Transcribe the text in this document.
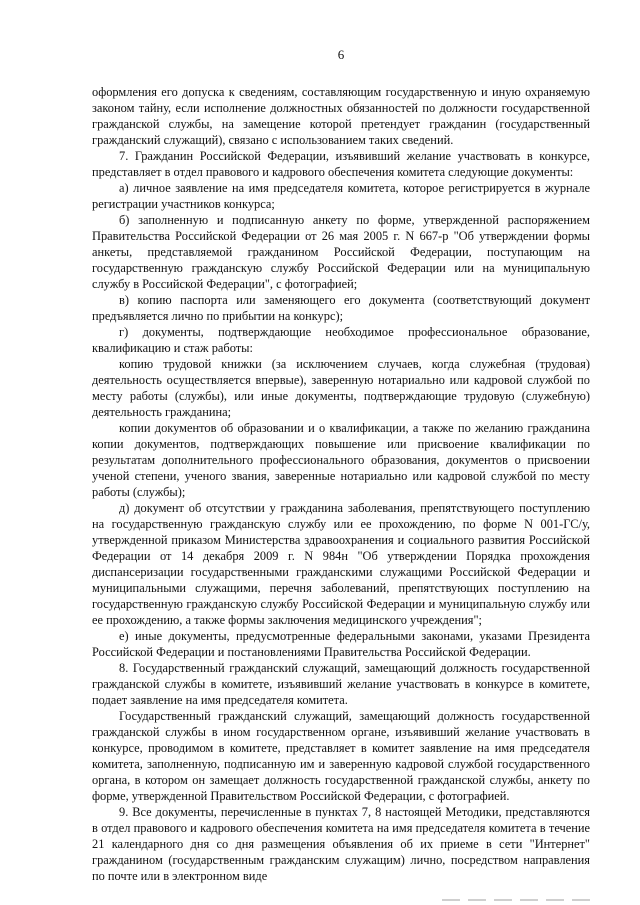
6

оформления его допуска к сведениям, составляющим государственную и иную охраняемую законом тайну, если исполнение должностных обязанностей по должности государственной гражданской службы, на замещение которой претендует гражданин (государственный гражданский служащий), связано с использованием таких сведений.

7. Гражданин Российской Федерации, изъявивший желание участвовать в конкурсе, представляет в отдел правового и кадрового обеспечения комитета следующие документы:

а) личное заявление на имя председателя комитета, которое регистрируется в журнале регистрации участников конкурса;

б) заполненную и подписанную анкету по форме, утвержденной распоряжением Правительства Российской Федерации от 26 мая 2005 г. N 667-р "Об утверждении формы анкеты, представляемой гражданином Российской Федерации, поступающим на государственную гражданскую службу Российской Федерации или на муниципальную службу в Российской Федерации", с фотографией;

в) копию паспорта или заменяющего его документа (соответствующий документ предъявляется лично по прибытии на конкурс);

г) документы, подтверждающие необходимое профессиональное образование, квалификацию и стаж работы:

копию трудовой книжки (за исключением случаев, когда служебная (трудовая) деятельность осуществляется впервые), заверенную нотариально или кадровой службой по месту работы (службы), или иные документы, подтверждающие трудовую (служебную) деятельность гражданина;

копии документов об образовании и о квалификации, а также по желанию гражданина копии документов, подтверждающих повышение или присвоение квалификации по результатам дополнительного профессионального образования, документов о присвоении ученой степени, ученого звания, заверенные нотариально или кадровой службой по месту работы (службы);

д) документ об отсутствии у гражданина заболевания, препятствующего поступлению на государственную гражданскую службу или ее прохождению, по форме N 001-ГС/у, утвержденной приказом Министерства здравоохранения и социального развития Российской Федерации от 14 декабря 2009 г. N 984н "Об утверждении Порядка прохождения диспансеризации государственными гражданскими служащими Российской Федерации и муниципальными служащими, перечня заболеваний, препятствующих поступлению на государственную гражданскую службу Российской Федерации и муниципальную службу или ее прохождению, а также формы заключения медицинского учреждения";

е) иные документы, предусмотренные федеральными законами, указами Президента Российской Федерации и постановлениями Правительства Российской Федерации.

8. Государственный гражданский служащий, замещающий должность государственной гражданской службы в комитете, изъявивший желание участвовать в конкурсе в комитете, подает заявление на имя председателя комитета.

Государственный гражданский служащий, замещающий должность государственной гражданской службы в ином государственном органе, изъявивший желание участвовать в конкурсе, проводимом в комитете, представляет в комитет заявление на имя председателя комитета, заполненную, подписанную им и заверенную кадровой службой государственного органа, в котором он замещает должность государственной гражданской службы, анкету по форме, утвержденной Правительством Российской Федерации, с фотографией.

9. Все документы, перечисленные в пунктах 7, 8 настоящей Методики, представляются в отдел правового и кадрового обеспечения комитета на имя председателя комитета в течение 21 календарного дня со дня размещения объявления об их приеме в сети "Интернет" гражданином (государственным гражданским служащим) лично, посредством направления по почте или в электронном виде
